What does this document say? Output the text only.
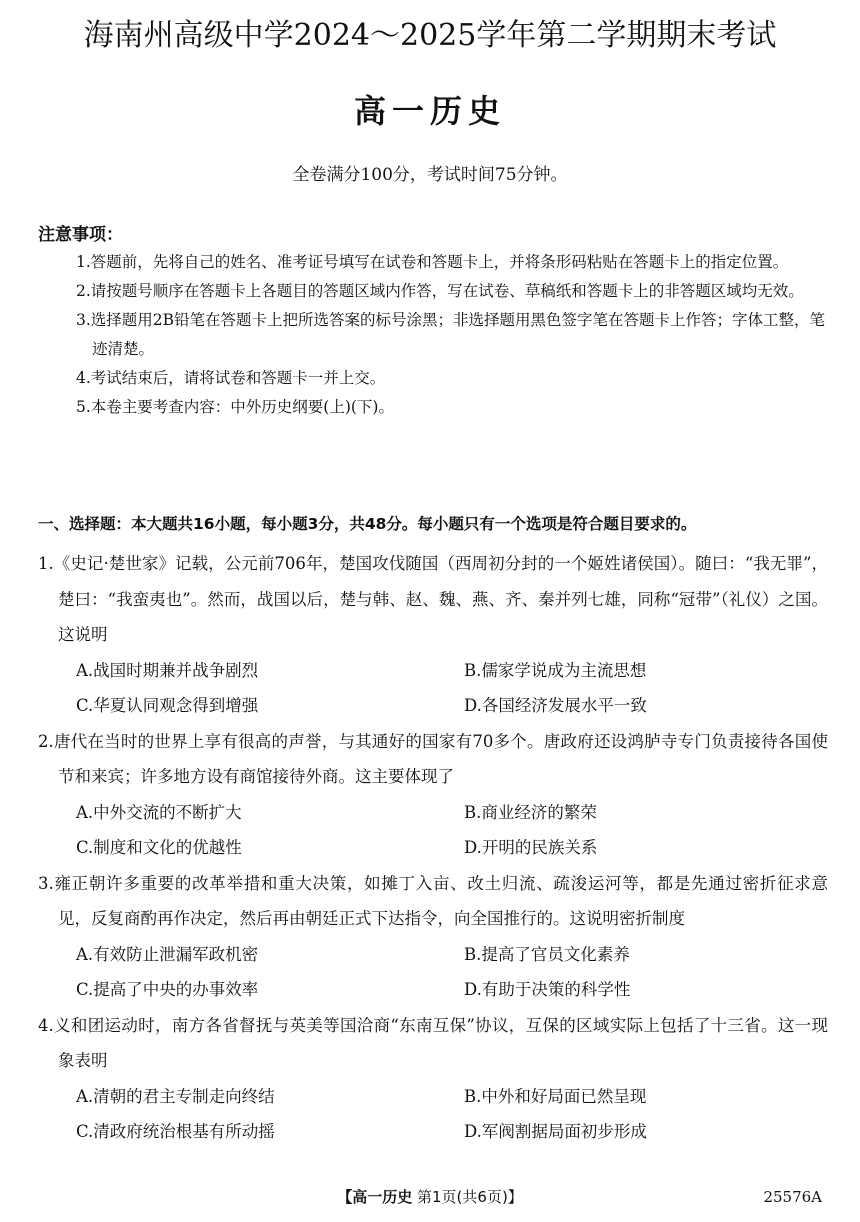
海南州高级中学2024～2025学年第二学期期末考试
高一历史
全卷满分100分，考试时间75分钟。
注意事项：
1.答题前，先将自己的姓名、准考证号填写在试卷和答题卡上，并将条形码粘贴在答题卡上的指定位置。
2.请按题号顺序在答题卡上各题目的答题区域内作答，写在试卷、草稿纸和答题卡上的非答题区域均无效。
3.选择题用2B铅笔在答题卡上把所选答案的标号涂黑；非选择题用黑色签字笔在答题卡上作答；字体工整，笔迹清楚。
4.考试结束后，请将试卷和答题卡一并上交。
5.本卷主要考查内容：中外历史纲要(上)(下)。
一、选择题：本大题共16小题，每小题3分，共48分。每小题只有一个选项是符合题目要求的。
1.《史记·楚世家》记载，公元前706年，楚国攻伐随国（西周初分封的一个姬姓诸侯国）。随曰：“我无罪”，楚曰：“我蛮夷也”。然而，战国以后，楚与韩、赵、魏、燕、齐、秦并列七雄，同称“冠带”（礼仪）之国。这说明
A.战国时期兼并战争剧烈	B.儒家学说成为主流思想
C.华夏认同观念得到增强	D.各国经济发展水平一致
2.唐代在当时的世界上享有很高的声誉，与其通好的国家有70多个。唐政府还设鸿胪寺专门负责接待各国使节和来宾；许多地方设有商馆接待外商。这主要体现了
A.中外交流的不断扩大	B.商业经济的繁荣
C.制度和文化的优越性	D.开明的民族关系
3.雍正朝许多重要的改革举措和重大决策，如摊丁入亩、改土归流、疏浚运河等，都是先通过密折征求意见，反复商酌再作决定，然后再由朝廷正式下达指令，向全国推行的。这说明密折制度
A.有效防止泄漏军政机密	B.提高了官员文化素养
C.提高了中央的办事效率	D.有助于决策的科学性
4.义和团运动时，南方各省督抚与英美等国洽商“东南互保”协议，互保的区域实际上包括了十三省。这一现象表明
A.清朝的君主专制走向终结	B.中外和好局面已然呈现
C.清政府统治根基有所动摇	D.军阀割据局面初步形成
【高一历史 第1页(共6页)】	25576A
